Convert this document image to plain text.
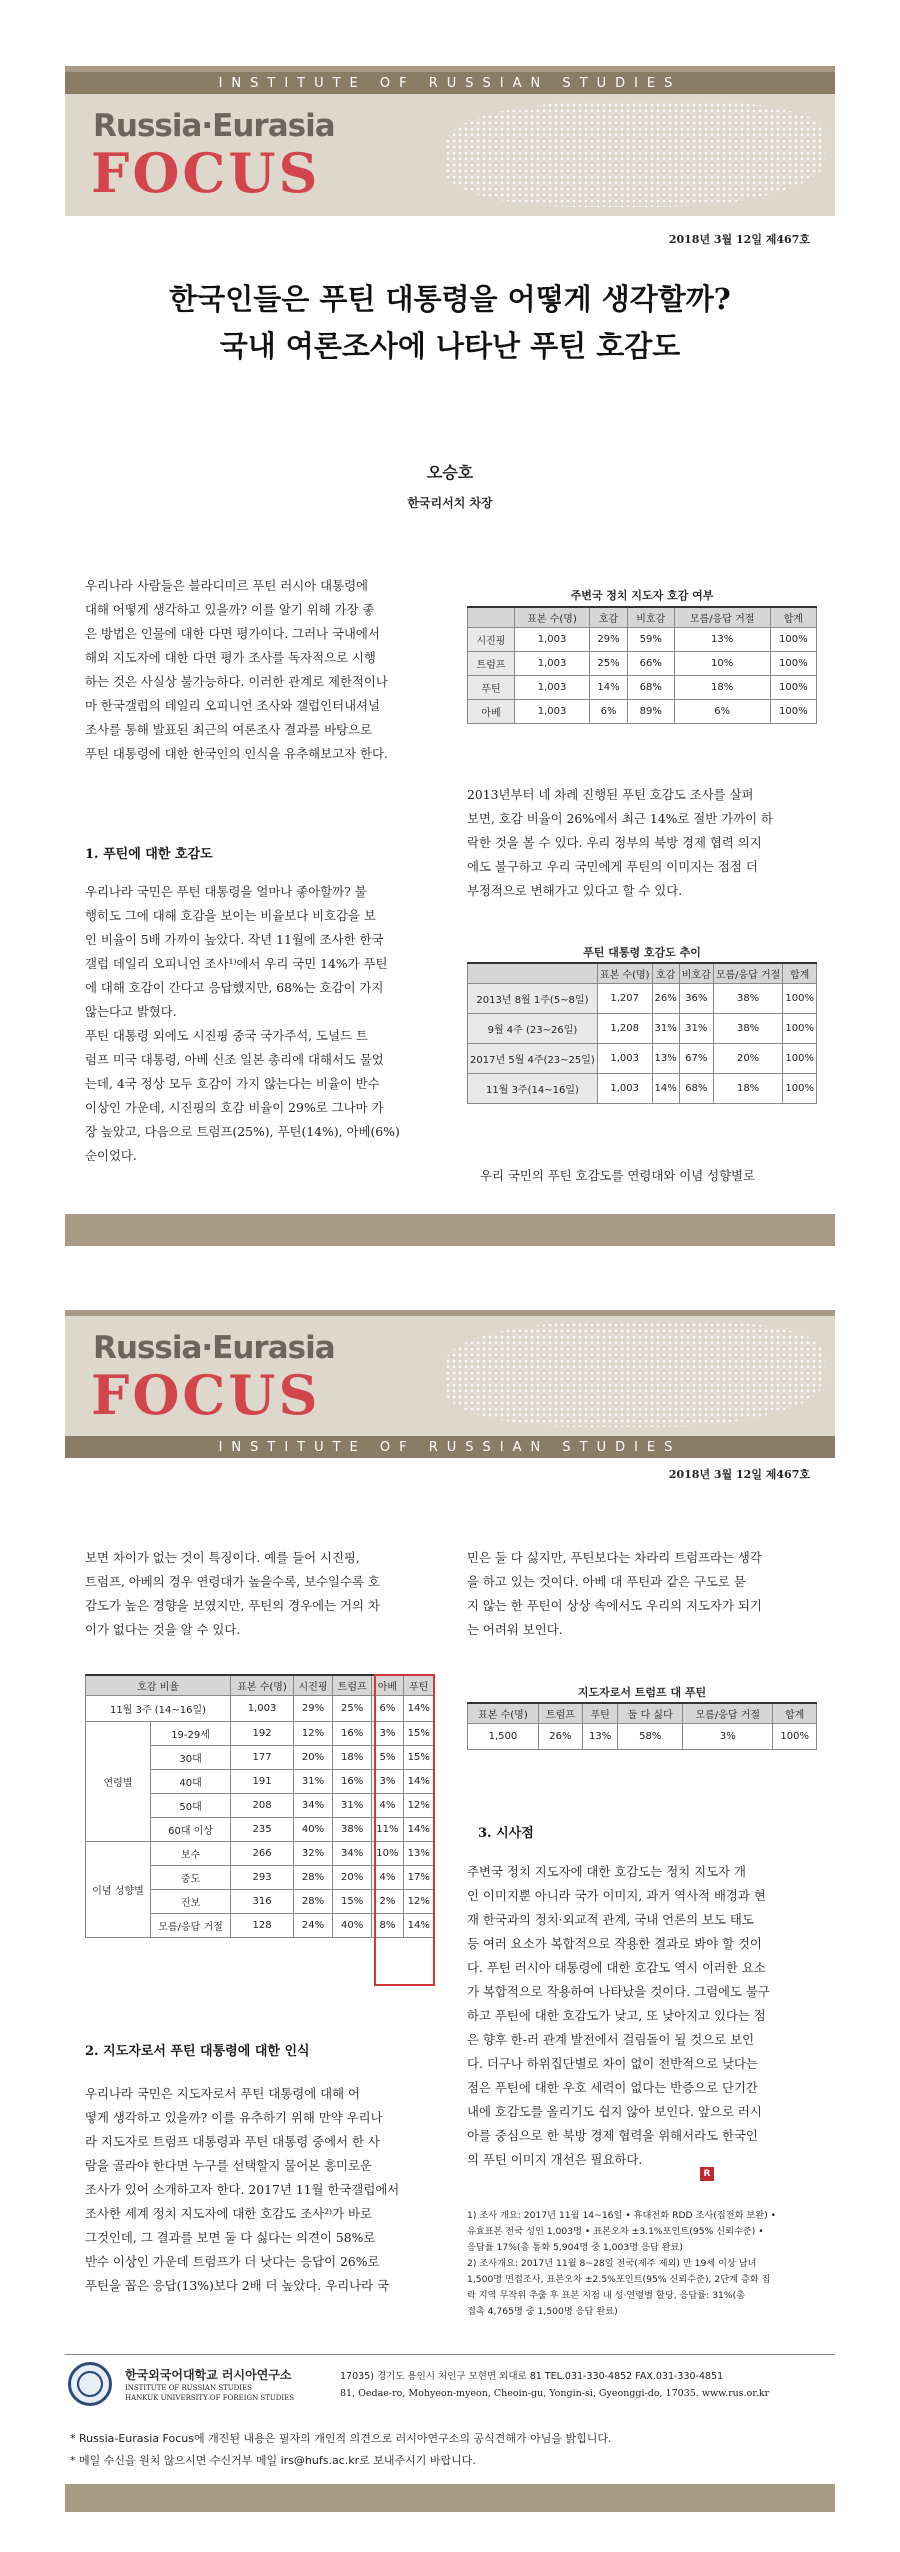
INSTITUTE OF RUSSIAN STUDIES
Russia·Eurasia
FOCUS
2018년 3월 12일 제467호
한국인들은 푸틴 대통령을 어떻게 생각할까?
국내 여론조사에 나타난 푸틴 호감도
오승호
한국리서치 차장
우리나라 사람들은 블라디미르 푸틴 러시아 대통령에
대해 어떻게 생각하고 있을까? 이를 알기 위해 가장 좋
은 방법은 인물에 대한 다면 평가이다. 그러나 국내에서
해외 지도자에 대한 다면 평가 조사를 독자적으로 시행
하는 것은 사실상 불가능하다. 이러한 관계로 제한적이나
마 한국갤럽의 데일리 오피니언 조사와 갤럽인터내셔널
조사를 통해 발표된 최근의 여론조사 결과를 바탕으로
푸틴 대통령에 대한 한국인의 인식을 유추해보고자 한다.
1. 푸틴에 대한 호감도
우리나라 국민은 푸틴 대통령을 얼마나 좋아할까? 불
행히도 그에 대해 호감을 보이는 비율보다 비호감을 보
인 비율이 5배 가까이 높았다. 작년 11월에 조사한 한국
갤럽 데일리 오피니언 조사¹⁾에서 우리 국민 14%가 푸틴
에 대해 호감이 간다고 응답했지만, 68%는 호감이 가지
않는다고 밝혔다.
푸틴 대통령 외에도 시진핑 중국 국가주석, 도널드 트
럼프 미국 대통령, 아베 신조 일본 총리에 대해서도 물었
는데, 4국 정상 모두 호감이 가지 않는다는 비율이 반수
이상인 가운데, 시진핑의 호감 비율이 29%로 그나마 가
장 높았고, 다음으로 트럼프(25%), 푸틴(14%), 아베(6%)
순이었다.
주변국 정치 지도자 호감 여부
	표본 수(명)	호감	비호감	모름/응답 거절	합계
시진핑	1,003	29%	59%	13%	100%
트럼프	1,003	25%	66%	10%	100%
푸틴	1,003	14%	68%	18%	100%
아베	1,003	6%	89%	6%	100%
2013년부터 네 차례 진행된 푸틴 호감도 조사를 살펴
보면, 호감 비율이 26%에서 최근 14%로 절반 가까이 하
락한 것을 볼 수 있다. 우리 정부의 북방 경제 협력 의지
에도 불구하고 우리 국민에게 푸틴의 이미지는 점점 더
부정적으로 변해가고 있다고 할 수 있다.
푸틴 대통령 호감도 추이
	표본 수(명)	호감	비호감	모름/응답 거절	합계
2013년 8월 1주(5~8일)	1,207	26%	36%	38%	100%
9월 4주 (23~26일)	1,208	31%	31%	38%	100%
2017년 5월 4주(23~25일)	1,003	13%	67%	20%	100%
11월 3주(14~16일)	1,003	14%	68%	18%	100%
우리 국민의 푸틴 호감도를 연령대와 이념 성향별로
Russia·Eurasia
FOCUS
INSTITUTE OF RUSSIAN STUDIES
2018년 3월 12일 제467호
보면 차이가 없는 것이 특징이다. 예를 들어 시진핑,
트럼프, 아베의 경우 연령대가 높을수록, 보수일수록 호
감도가 높은 경향을 보였지만, 푸틴의 경우에는 거의 차
이가 없다는 것을 알 수 있다.
호감 비율		표본 수(명)	시진핑	트럼프	아베	푸틴
11월 3주 (14~16일)		1,003	29%	25%	6%	14%
연령별	19-29세	192	12%	16%	3%	15%
	30대	177	20%	18%	5%	15%
	40대	191	31%	16%	3%	14%
	50대	208	34%	31%	4%	12%
	60대 이상	235	40%	38%	11%	14%
이념 성향별	보수	266	32%	34%	10%	13%
	중도	293	28%	20%	4%	17%
	진보	316	28%	15%	2%	12%
	모름/응답 거절	128	24%	40%	8%	14%
2. 지도자로서 푸틴 대통령에 대한 인식
우리나라 국민은 지도자로서 푸틴 대통령에 대해 어
떻게 생각하고 있을까? 이를 유추하기 위해 만약 우리나
라 지도자로 트럼프 대통령과 푸틴 대통령 중에서 한 사
람을 골라야 한다면 누구를 선택할지 물어본 흥미로운
조사가 있어 소개하고자 한다. 2017년 11월 한국갤럽에서
조사한 세계 정치 지도자에 대한 호감도 조사²⁾가 바로
그것인데, 그 결과를 보면 둘 다 싫다는 의견이 58%로
반수 이상인 가운데 트럼프가 더 낫다는 응답이 26%로
푸틴을 꼽은 응답(13%)보다 2배 더 높았다. 우리나라 국
민은 둘 다 싫지만, 푸틴보다는 차라리 트럼프라는 생각
을 하고 있는 것이다. 아베 대 푸틴과 같은 구도로 묻
지 않는 한 푸틴이 상상 속에서도 우리의 지도자가 되기
는 어려워 보인다.
지도자로서 트럼프 대 푸틴
표본 수(명)	트럼프	푸틴	둘 다 싫다	모름/응답 거절	합계
1,500	26%	13%	58%	3%	100%
3. 시사점
주변국 정치 지도자에 대한 호감도는 정치 지도자 개
인 이미지뿐 아니라 국가 이미지, 과거 역사적 배경과 현
재 한국과의 정치·외교적 관계, 국내 언론의 보도 태도
등 여러 요소가 복합적으로 작용한 결과로 봐야 할 것이
다. 푸틴 러시아 대통령에 대한 호감도 역시 이러한 요소
가 복합적으로 작용하여 나타났을 것이다. 그럼에도 불구
하고 푸틴에 대한 호감도가 낮고, 또 낮아지고 있다는 점
은 향후 한-러 관계 발전에서 걸림돌이 될 것으로 보인
다. 더구나 하위집단별로 차이 없이 전반적으로 낮다는
점은 푸틴에 대한 우호 세력이 없다는 반증으로 단기간
내에 호감도를 올리기도 쉽지 않아 보인다. 앞으로 러시
아를 중심으로 한 북방 경제 협력을 위해서라도 한국인
의 푸틴 이미지 개선은 필요하다.
R
1) 조사 개요: 2017년 11월 14~16일 • 휴대전화 RDD 조사(집전화 보완) •
유효표본 전국 성인 1,003명 • 표본오차 ±3.1%포인트(95% 신뢰수준) •
응답률 17%(총 통화 5,904명 중 1,003명 응답 완료)
2) 조사개요: 2017년 11월 8~28일 전국(제주 제외) 만 19세 이상 남녀
1,500명 면접조사, 표본오차 ±2.5%포인트(95% 신뢰수준), 2단계 층화 집
락 지역 무작위 추출 후 표본 지점 내 성·연령별 할당, 응답률: 31%(총
접촉 4,765명 중 1,500명 응답 완료)
한국외국어대학교 러시아연구소
INSTITUTE OF RUSSIAN STUDIES
HANKUK UNIVERSITY OF FOREIGN STUDIES
17035) 경기도 용인시 처인구 모현면 외대로 81 TEL.031-330-4852 FAX.031-330-4851
81, Oedae-ro, Mohyeon-myeon, Cheoin-gu, Yongin-si, Gyeonggi-do, 17035. www.rus.or.kr
* Russia-Eurasia Focus에 개진된 내용은 필자의 개인적 의견으로 러시아연구소의 공식견해가 아님을 밝힙니다.
* 메일 수신을 원치 않으시면 수신거부 메일 irs@hufs.ac.kr로 보내주시기 바랍니다.
